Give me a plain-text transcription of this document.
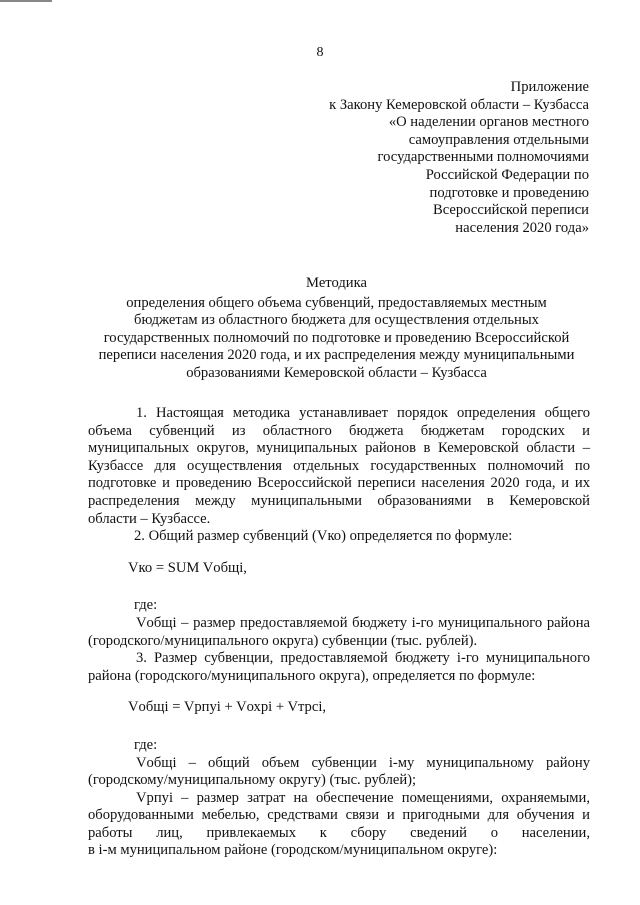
8
Приложение
к Закону Кемеровской области – Кузбасса
«О наделении органов местного
самоуправления отдельными
государственными полномочиями
Российской Федерации по
подготовке и проведению
Всероссийской переписи
населения 2020 года»
Методика
определения общего объема субвенций, предоставляемых местным
бюджетам из областного бюджета для осуществления отдельных
государственных полномочий по подготовке и проведению Всероссийской
переписи населения 2020 года, и их распределения между муниципальными
образованиями Кемеровской области – Кузбасса
1. Настоящая методика устанавливает порядок определения общего
объема субвенций из областного бюджета бюджетам городских и
муниципальных округов, муниципальных районов в Кемеровской области –
Кузбассе для осуществления отдельных государственных полномочий по
подготовке и проведению Всероссийской переписи населения 2020 года, и их
распределения между муниципальными образованиями в Кемеровской
области – Кузбассе.
2. Общий размер субвенций (Vко) определяется по формуле:
Vко = SUM Vобщi,
где:
Vобщi – размер предоставляемой бюджету i-го муниципального района
(городского/муниципального округа) субвенции (тыс. рублей).
3. Размер субвенции, предоставляемой бюджету i-го муниципального
района (городского/муниципального округа), определяется по формуле:
Vобщi = Vрпуi + Vохрi + Vтрсi,
где:
Vобщi – общий объем субвенции i-му муниципальному району
(городскому/муниципальному округу) (тыс. рублей);
Vрпуi – размер затрат на обеспечение помещениями, охраняемыми,
оборудованными мебелью, средствами связи и пригодными для обучения и
работы лиц, привлекаемых к сбору сведений о населении,
в i-м муниципальном районе (городском/муниципальном округе):
